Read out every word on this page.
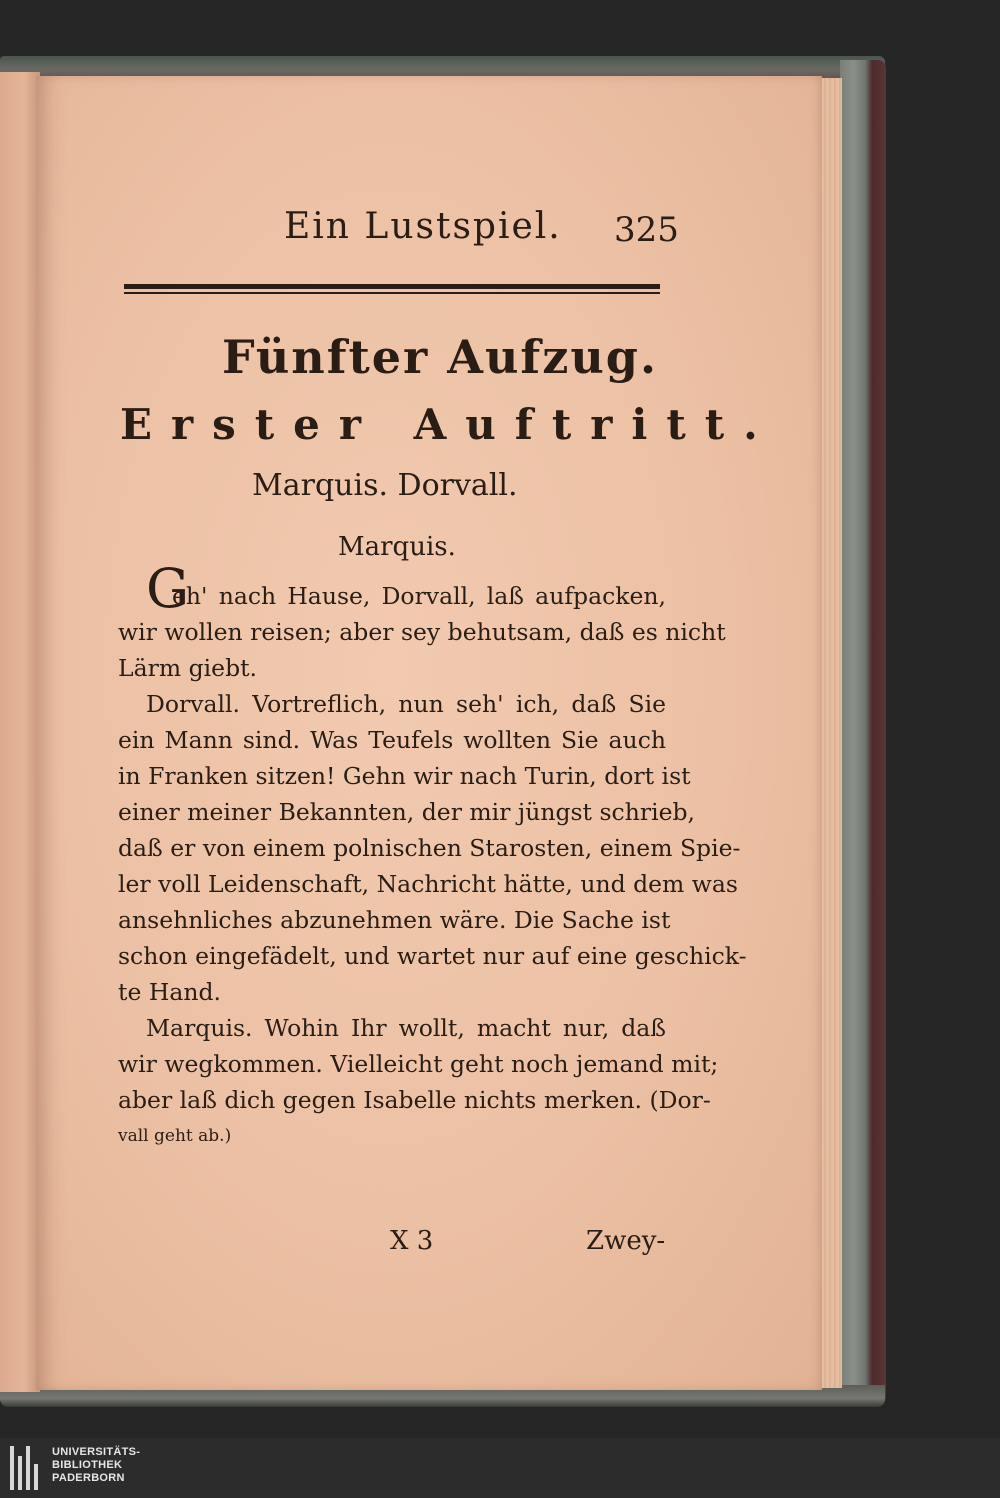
Ein Lustspiel. 325
Fünfter Aufzug.
Erster Auftritt.
Marquis. Dorvall.
Marquis.
G
eh' nach Hause, Dorvall, laß aufpacken,
wir wollen reisen; aber sey behutsam, daß es nicht
Lärm giebt.
Dorvall. Vortreflich, nun seh' ich, daß Sie
ein Mann sind. Was Teufels wollten Sie auch
in Franken sitzen! Gehn wir nach Turin, dort ist
einer meiner Bekannten, der mir jüngst schrieb,
daß er von einem polnischen Starosten, einem Spie-
ler voll Leidenschaft, Nachricht hätte, und dem was
ansehnliches abzunehmen wäre. Die Sache ist
schon eingefädelt, und wartet nur auf eine geschick-
te Hand.
Marquis. Wohin Ihr wollt, macht nur, daß
wir wegkommen. Vielleicht geht noch jemand mit;
aber laß dich gegen Isabelle nichts merken. (Dor-
vall geht ab.)
X 3	Zwey-
UNIVERSITÄTS-
BIBLIOTHEK
PADERBORN
